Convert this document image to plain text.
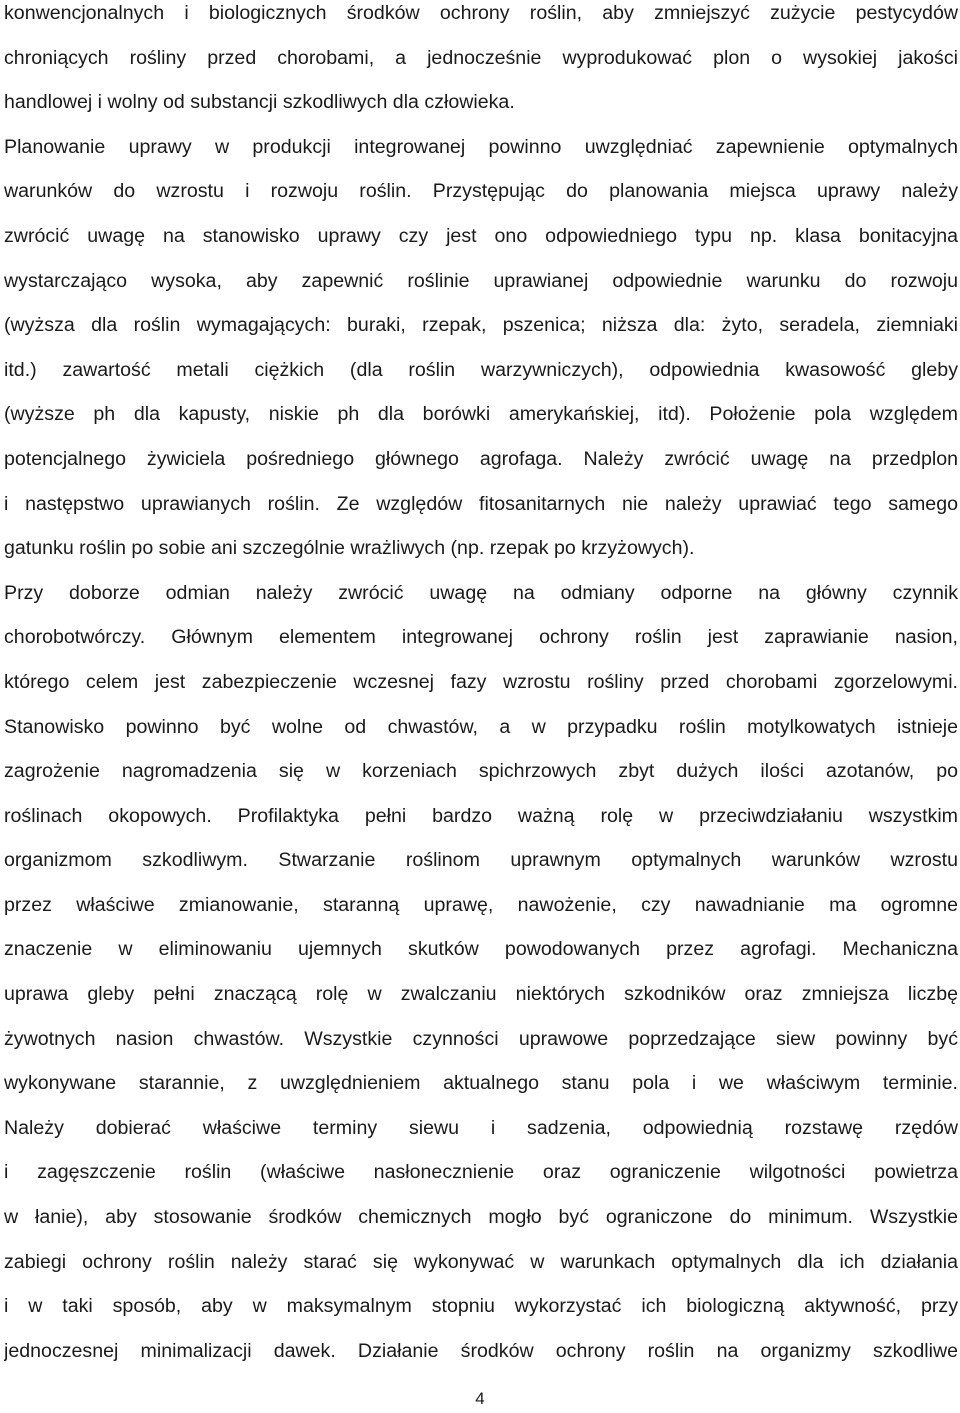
konwencjonalnych i biologicznych środków ochrony roślin, aby zmniejszyć zużycie pestycydów
chroniących rośliny przed chorobami, a jednocześnie wyprodukować plon o wysokiej jakości
handlowej i wolny od substancji szkodliwych dla człowieka.
Planowanie uprawy w produkcji integrowanej powinno uwzględniać zapewnienie optymalnych
warunków do wzrostu i rozwoju roślin. Przystępując do planowania miejsca uprawy należy
zwrócić uwagę na stanowisko uprawy czy jest ono odpowiedniego typu np. klasa bonitacyjna
wystarczająco wysoka, aby zapewnić roślinie uprawianej odpowiednie warunku do rozwoju
(wyższa dla roślin wymagających: buraki, rzepak, pszenica; niższa dla: żyto, seradela, ziemniaki
itd.) zawartość metali ciężkich (dla roślin warzywniczych), odpowiednia kwasowość gleby
(wyższe ph dla kapusty, niskie ph dla borówki amerykańskiej, itd). Położenie pola względem
potencjalnego żywiciela pośredniego głównego agrofaga. Należy zwrócić uwagę na przedplon
i następstwo uprawianych roślin. Ze względów fitosanitarnych nie należy uprawiać tego samego
gatunku roślin po sobie ani szczególnie wrażliwych (np. rzepak po krzyżowych).
Przy doborze odmian należy zwrócić uwagę na odmiany odporne na główny czynnik
chorobotwórczy. Głównym elementem integrowanej ochrony roślin jest zaprawianie nasion,
którego celem jest zabezpieczenie wczesnej fazy wzrostu rośliny przed chorobami zgorzelowymi.
Stanowisko powinno być wolne od chwastów, a w przypadku roślin motylkowatych istnieje
zagrożenie nagromadzenia się w korzeniach spichrzowych zbyt dużych ilości azotanów, po
roślinach okopowych. Profilaktyka pełni bardzo ważną rolę w przeciwdziałaniu wszystkim
organizmom szkodliwym. Stwarzanie roślinom uprawnym optymalnych warunków wzrostu
przez właściwe zmianowanie, staranną uprawę, nawożenie, czy nawadnianie ma ogromne
znaczenie w eliminowaniu ujemnych skutków powodowanych przez agrofagi. Mechaniczna
uprawa gleby pełni znaczącą rolę w zwalczaniu niektórych szkodników oraz zmniejsza liczbę
żywotnych nasion chwastów. Wszystkie czynności uprawowe poprzedzające siew powinny być
wykonywane starannie, z uwzględnieniem aktualnego stanu pola i we właściwym terminie.
Należy dobierać właściwe terminy siewu i sadzenia, odpowiednią rozstawę rzędów
i zagęszczenie roślin (właściwe nasłonecznienie oraz ograniczenie wilgotności powietrza
w łanie), aby stosowanie środków chemicznych mogło być ograniczone do minimum. Wszystkie
zabiegi ochrony roślin należy starać się wykonywać w warunkach optymalnych dla ich działania
i w taki sposób, aby w maksymalnym stopniu wykorzystać ich biologiczną aktywność, przy
jednoczesnej minimalizacji dawek. Działanie środków ochrony roślin na organizmy szkodliwe
4
